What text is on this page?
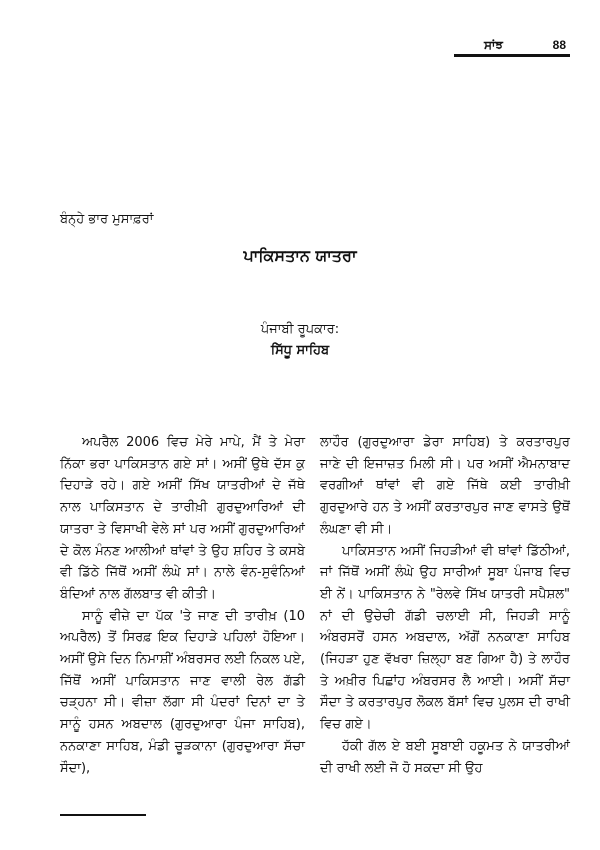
ਸਾਂਝ	88
ਬੰਨ੍ਹੇ ਭਾਰ ਮੁਸਾਫ਼ਰਾਂ
ਪਾਕਿਸਤਾਨ ਯਾਤਰਾ
ਪੰਜਾਬੀ ਰੂਪਕਾਰ:
ਸਿੱਧੂ ਸਾਹਿਬ

ਅਪਰੈਲ 2006 ਵਿਚ ਮੇਰੇ ਮਾਪੇ, ਮੈਂ ਤੇ ਮੇਰਾ ਨਿੱਕਾ ਭਰਾ ਪਾਕਿਸਤਾਨ ਗਏ ਸਾਂ। ਅਸੀਂ ਉਥੇ ਦੱਸ ਕੁ ਦਿਹਾੜੇ ਰਹੇ। ਗਏ ਅਸੀਂ ਸਿੱਖ ਯਾਤਰੀਆਂ ਦੇ ਜੱਥੇ ਨਾਲ ਪਾਕਿਸਤਾਨ ਦੇ ਤਾਰੀਖ਼ੀ ਗੁਰਦੁਆਰਿਆਂ ਦੀ ਯਾਤਰਾ ਤੇ ਵਿਸਾਖੀ ਵੇਲੇ ਸਾਂ ਪਰ ਅਸੀਂ ਗੁਰਦੁਆਰਿਆਂ ਦੇ ਕੋਲ ਮੰਨਣ ਆਲੀਆਂ ਥਾਂਵਾਂ ਤੇ ਉਹ ਸ਼ਹਿਰ ਤੇ ਕਸਬੇ ਵੀ ਡਿੱਠੇ ਜਿੱਥੋਂ ਅਸੀਂ ਲੰਘੇ ਸਾਂ। ਨਾਲੇ ਵੰਨ-ਸੁਵੰਨਿਆਂ ਬੰਦਿਆਂ ਨਾਲ ਗੱਲਬਾਤ ਵੀ ਕੀਤੀ।

ਸਾਨੂੰ ਵੀਜ਼ੇ ਦਾ ਪੱਕ 'ਤੇ ਜਾਣ ਦੀ ਤਾਰੀਖ਼ (10 ਅਪਰੈਲ) ਤੋਂ ਸਿਰਫ਼ ਇਕ ਦਿਹਾੜੇ ਪਹਿਲਾਂ ਹੋਇਆ। ਅਸੀਂ ਉਸੇ ਦਿਨ ਨਿਮਾਸ਼ੀਂ ਅੰਬਰਸਰ ਲਈ ਨਿਕਲ ਪਏ, ਜਿੱਥੋਂ ਅਸੀਂ ਪਾਕਿਸਤਾਨ ਜਾਣ ਵਾਲੀ ਰੇਲ ਗੱਡੀ ਚੜ੍ਹਨਾ ਸੀ। ਵੀਜ਼ਾ ਲੱਗਾ ਸੀ ਪੰਦਰਾਂ ਦਿਨਾਂ ਦਾ ਤੇ ਸਾਨੂੰ ਹਸਨ ਅਬਦਾਲ (ਗੁਰਦੁਆਰਾ ਪੰਜਾ ਸਾਹਿਬ), ਨਨਕਾਣਾ ਸਾਹਿਬ, ਮੰਡੀ ਚੂੜਕਾਨਾ (ਗੁਰਦੁਆਰਾ ਸੱਚਾ ਸੌਦਾ),

ਲਾਹੌਰ (ਗੁਰਦੁਆਰਾ ਡੇਰਾ ਸਾਹਿਬ) ਤੇ ਕਰਤਾਰਪੁਰ ਜਾਣੇ ਦੀ ਇਜਾਜ਼ਤ ਮਿਲੀ ਸੀ। ਪਰ ਅਸੀਂ ਐਮਨਾਬਾਦ ਵਰਗੀਆਂ ਥਾਂਵਾਂ ਵੀ ਗਏ ਜਿੱਥੇ ਕਈ ਤਾਰੀਖ਼ੀ ਗੁਰਦੁਆਰੇ ਹਨ ਤੇ ਅਸੀਂ ਕਰਤਾਰਪੁਰ ਜਾਣ ਵਾਸਤੇ ਉਥੋਂ ਲੰਘਣਾ ਵੀ ਸੀ।

ਪਾਕਿਸਤਾਨ ਅਸੀਂ ਜਿਹੜੀਆਂ ਵੀ ਥਾਂਵਾਂ ਡਿੱਠੀਆਂ, ਜਾਂ ਜਿੱਥੋਂ ਅਸੀਂ ਲੰਘੇ ਉਹ ਸਾਰੀਆਂ ਸੂਬਾ ਪੰਜਾਬ ਵਿਚ ਈ ਨੇਂ। ਪਾਕਿਸਤਾਨ ਨੇ "ਰੇਲਵੇ ਸਿੱਖ ਯਾਤਰੀ ਸਪੈਸ਼ਲ" ਨਾਂ ਦੀ ਉਚੇਚੀ ਗੱਡੀ ਚਲਾਈ ਸੀ, ਜਿਹੜੀ ਸਾਨੂੰ ਅੰਬਰਸਰੋਂ ਹਸਨ ਅਬਦਾਲ, ਅੱਗੋਂ ਨਨਕਾਣਾ ਸਾਹਿਬ (ਜਿਹੜਾ ਹੁਣ ਵੱਖਰਾ ਜ਼ਿਲ੍ਹਾ ਬਣ ਗਿਆ ਹੈ) ਤੇ ਲਾਹੌਰ ਤੇ ਅਖ਼ੀਰ ਪਿਛਾਂਹ ਅੰਬਰਸਰ ਲੈ ਆਈ। ਅਸੀਂ ਸੱਚਾ ਸੌਦਾ ਤੇ ਕਰਤਾਰਪੁਰ ਲੋਕਲ ਬੱਸਾਂ ਵਿਚ ਪੁਲਸ ਦੀ ਰਾਖੀ ਵਿਚ ਗਏ।

ਹੱਕੀ ਗੱਲ ਏ ਬਈ ਸੂਬਾਈ ਹਕੂਮਤ ਨੇ ਯਾਤਰੀਆਂ ਦੀ ਰਾਖੀ ਲਈ ਜੋ ਹੋ ਸਕਦਾ ਸੀ ਉਹ
